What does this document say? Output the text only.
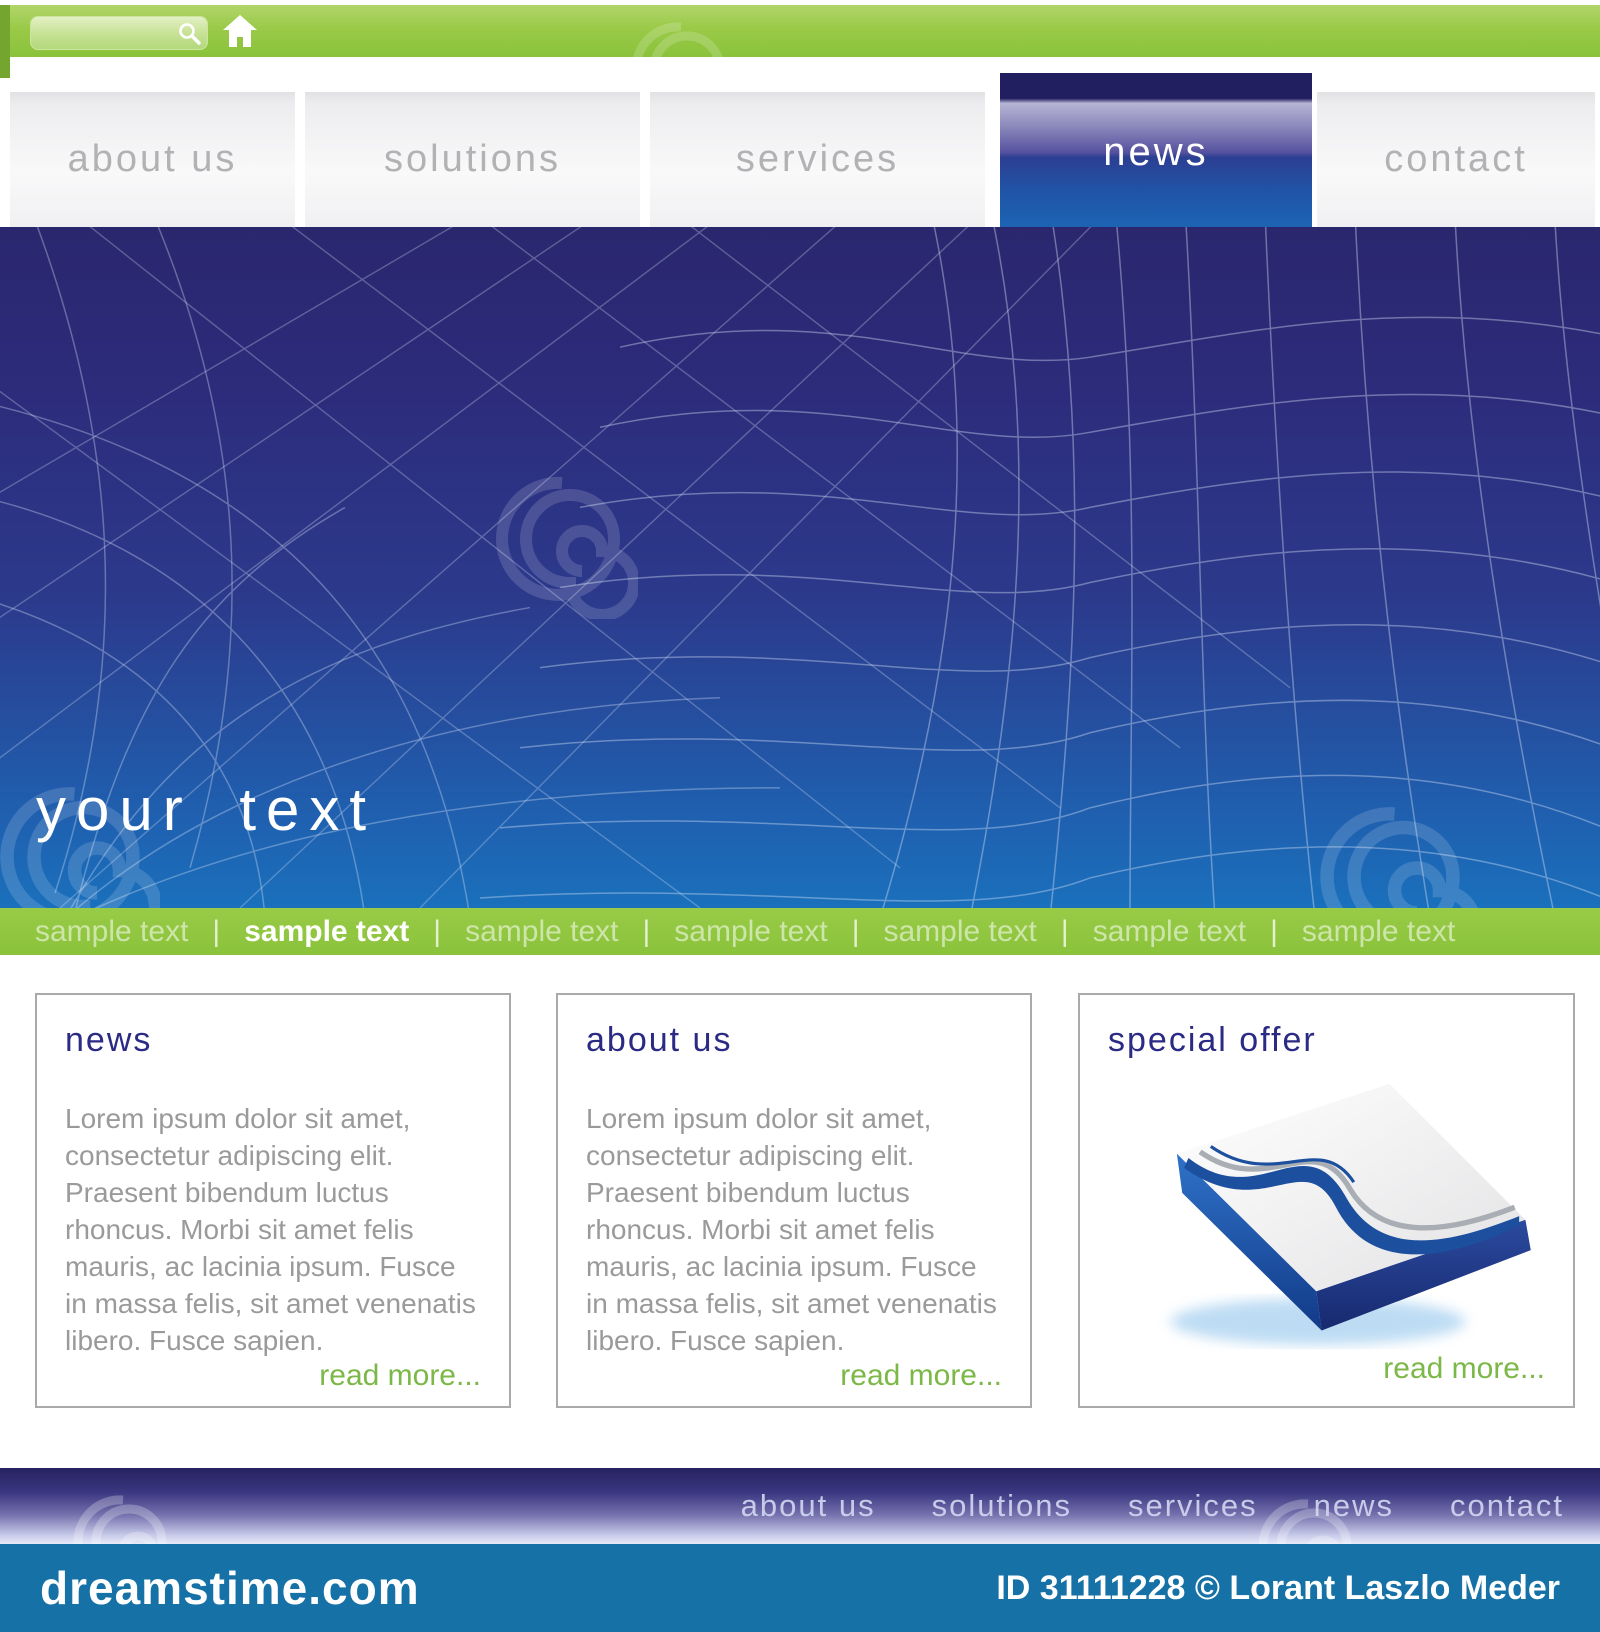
about us	solutions	services	contact
news
your text
sample text | sample text | sample text | sample text | sample text | sample text | sample text
news

Lorem ipsum dolor sit amet, consectetur adipiscing elit. Praesent bibendum luctus rhoncus. Morbi sit amet felis mauris, ac lacinia ipsum. Fusce in massa felis, sit amet venenatis libero. Fusce sapien.

read more...
about us

Lorem ipsum dolor sit amet, consectetur adipiscing elit. Praesent bibendum luctus rhoncus. Morbi sit amet felis mauris, ac lacinia ipsum. Fusce in massa felis, sit amet venenatis libero. Fusce sapien.

read more...
special offer
read more...
about us solutions services news contact
dreamstime.com	ID 31111228 © Lorant Laszlo Meder
